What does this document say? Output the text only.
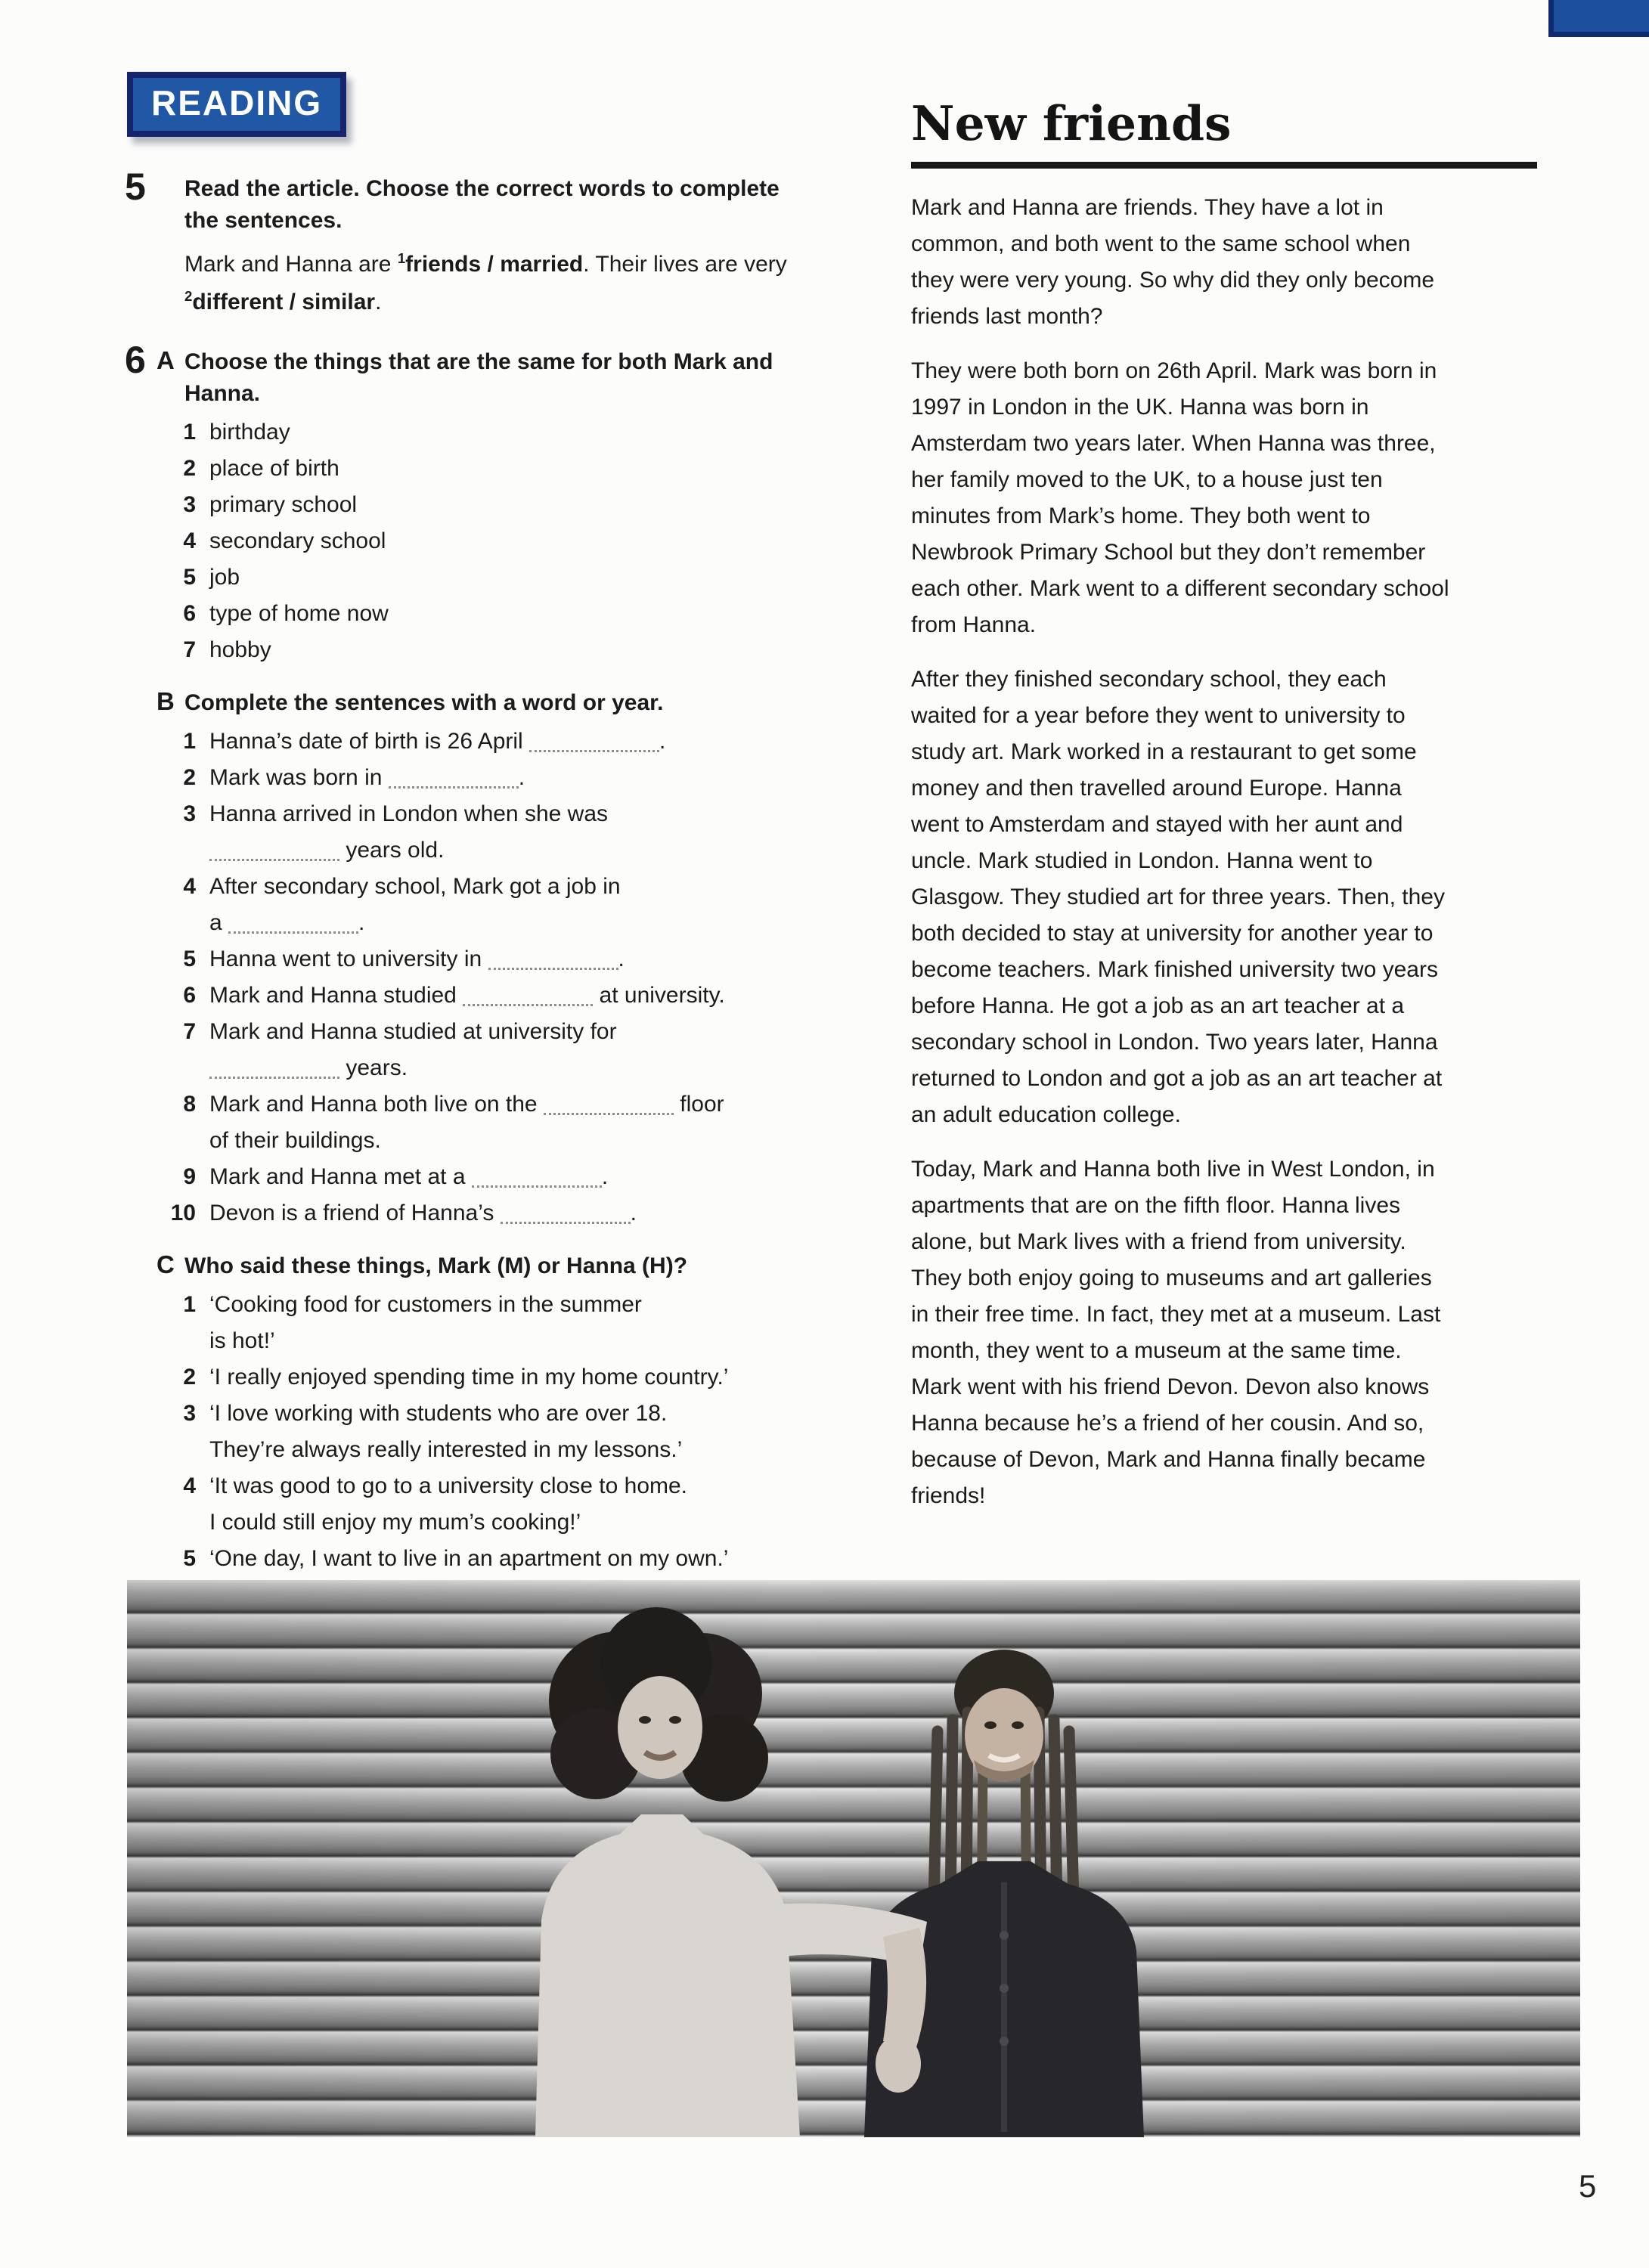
READING
5	Read the article. Choose the correct words to complete the sentences.

Mark and Hanna are $^1$friends / married. Their lives are very $^2$different / similar.

6 A Choose the things that are the same for both Mark and Hanna.
1 birthday
2 place of birth
3 primary school
4 secondary school
5 job
6 type of home now
7 hobby
B Complete the sentences with a word or year.
1 Hanna’s date of birth is 26 April	.
2 Mark was born in	.
3 Hanna arrived in London when she was
years old.
4 After secondary school, Mark got a job in
a	.
5 Hanna went to university in	.
6 Mark and Hanna studied	at university.
7 Mark and Hanna studied at university for
years.
8 Mark and Hanna both live on the	floor
of their buildings.
9 Mark and Hanna met at a	.
10 Devon is a friend of Hanna’s	.
C Who said these things, Mark (M) or Hanna (H)?
1 ‘Cooking food for customers in the summer
is hot!’
2 ‘I really enjoyed spending time in my home country.’
3 ‘I love working with students who are over 18.
They’re always really interested in my lessons.’
4 ‘It was good to go to a university close to home.
I could still enjoy my mum’s cooking!’
5 ‘One day, I want to live in an apartment on my own.’
New friends

Mark and Hanna are friends. They have a lot in common, and both went to the same school when they were very young. So why did they only become friends last month?

They were both born on 26th April. Mark was born in 1997 in London in the UK. Hanna was born in Amsterdam two years later. When Hanna was three, her family moved to the UK, to a house just ten minutes from Mark’s home. They both went to Newbrook Primary School but they don’t remember each other. Mark went to a different secondary school from Hanna.

After they finished secondary school, they each waited for a year before they went to university to study art. Mark worked in a restaurant to get some money and then travelled around Europe. Hanna went to Amsterdam and stayed with her aunt and uncle. Mark studied in London. Hanna went to Glasgow. They studied art for three years. Then, they both decided to stay at university for another year to become teachers. Mark finished university two years before Hanna. He got a job as an art teacher at a secondary school in London. Two years later, Hanna returned to London and got a job as an art teacher at an adult education college.

Today, Mark and Hanna both live in West London, in apartments that are on the fifth floor. Hanna lives alone, but Mark lives with a friend from university. They both enjoy going to museums and art galleries in their free time. In fact, they met at a museum. Last month, they went to a museum at the same time. Mark went with his friend Devon. Devon also knows Hanna because he’s a friend of her cousin. And so, because of Devon, Mark and Hanna finally became friends!

5
